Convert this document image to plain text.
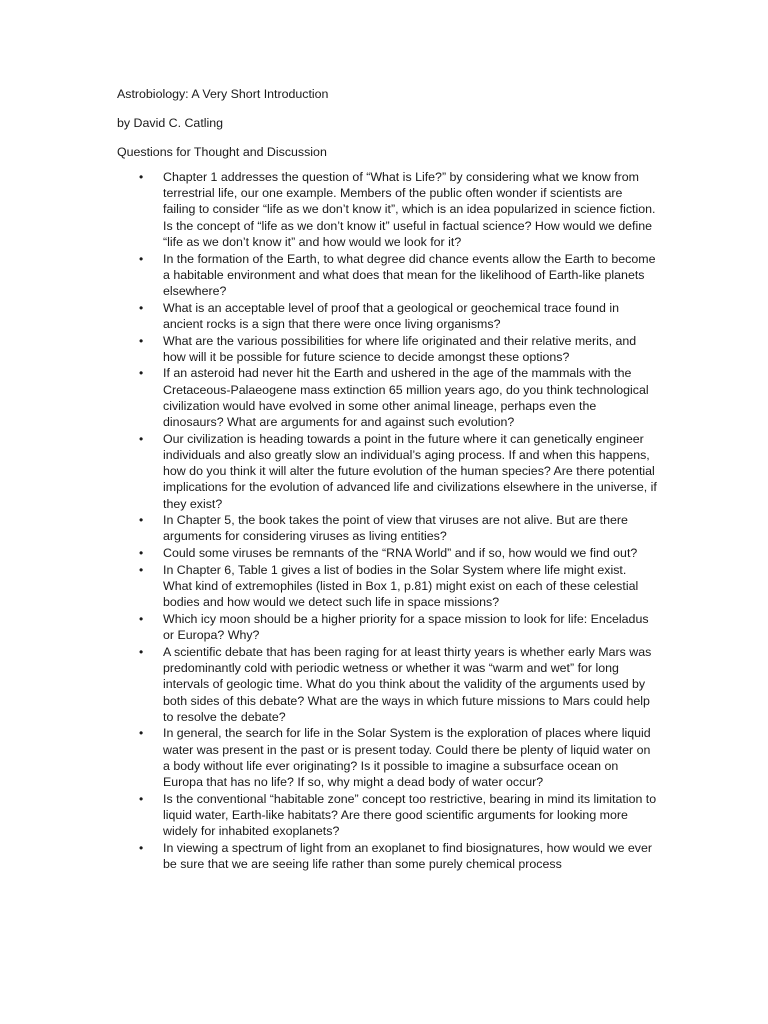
Astrobiology: A Very Short Introduction

by David C. Catling

Questions for Thought and Discussion

• Chapter 1 addresses the question of “What is Life?” by considering what we know from terrestrial life, our one example. Members of the public often wonder if scientists are failing to consider “life as we don’t know it”, which is an idea popularized in science fiction. Is the concept of “life as we don’t know it” useful in factual science? How would we define “life as we don’t know it” and how would we look for it?
• In the formation of the Earth, to what degree did chance events allow the Earth to become a habitable environment and what does that mean for the likelihood of Earth-like planets elsewhere?
• What is an acceptable level of proof that a geological or geochemical trace found in ancient rocks is a sign that there were once living organisms?
• What are the various possibilities for where life originated and their relative merits, and how will it be possible for future science to decide amongst these options?
• If an asteroid had never hit the Earth and ushered in the age of the mammals with the Cretaceous-Palaeogene mass extinction 65 million years ago, do you think technological civilization would have evolved in some other animal lineage, perhaps even the dinosaurs? What are arguments for and against such evolution?
• Our civilization is heading towards a point in the future where it can genetically engineer individuals and also greatly slow an individual’s aging process. If and when this happens, how do you think it will alter the future evolution of the human species? Are there potential implications for the evolution of advanced life and civilizations elsewhere in the universe, if they exist?
• In Chapter 5, the book takes the point of view that viruses are not alive. But are there arguments for considering viruses as living entities?
• Could some viruses be remnants of the “RNA World” and if so, how would we find out?
• In Chapter 6, Table 1 gives a list of bodies in the Solar System where life might exist. What kind of extremophiles (listed in Box 1, p.81) might exist on each of these celestial bodies and how would we detect such life in space missions?
• Which icy moon should be a higher priority for a space mission to look for life: Enceladus or Europa? Why?
• A scientific debate that has been raging for at least thirty years is whether early Mars was predominantly cold with periodic wetness or whether it was “warm and wet” for long intervals of geologic time. What do you think about the validity of the arguments used by both sides of this debate? What are the ways in which future missions to Mars could help to resolve the debate?
• In general, the search for life in the Solar System is the exploration of places where liquid water was present in the past or is present today. Could there be plenty of liquid water on a body without life ever originating? Is it possible to imagine a subsurface ocean on Europa that has no life? If so, why might a dead body of water occur?
• Is the conventional “habitable zone” concept too restrictive, bearing in mind its limitation to liquid water, Earth-like habitats? Are there good scientific arguments for looking more widely for inhabited exoplanets?
• In viewing a spectrum of light from an exoplanet to find biosignatures, how would we ever be sure that we are seeing life rather than some purely chemical process
